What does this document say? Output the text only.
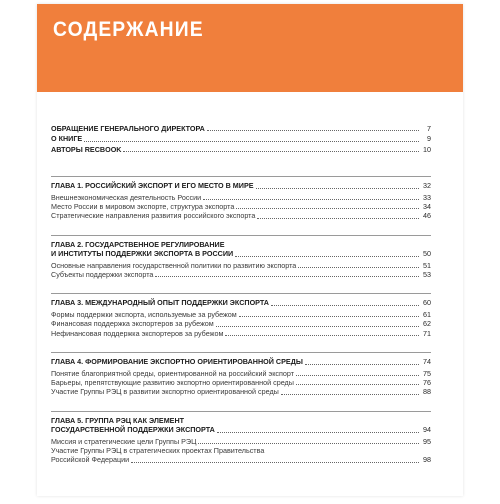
СОДЕРЖАНИЕ
ОБРАЩЕНИЕ ГЕНЕРАЛЬНОГО ДИРЕКТОРА	7
О КНИГЕ	9
АВТОРЫ RECBOOK	10
ГЛАВА 1. РОССИЙСКИЙ ЭКСПОРТ И ЕГО МЕСТО В МИРЕ	32
Внешнеэкономическая деятельность России	33
Место России в мировом экспорте, структура экспорта	34
Стратегические направления развития российского экспорта	46
ГЛАВА 2. ГОСУДАРСТВЕННОЕ РЕГУЛИРОВАНИЕ
И ИНСТИТУТЫ ПОДДЕРЖКИ ЭКСПОРТА В РОССИИ	50
Основные направления государственной политики по развитию экспорта	51
Субъекты поддержки экспорта	53
ГЛАВА 3. МЕЖДУНАРОДНЫЙ ОПЫТ ПОДДЕРЖКИ ЭКСПОРТА	60
Формы поддержки экспорта, используемые за рубежом	61
Финансовая поддержка экспортеров за рубежом	62
Нефинансовая поддержка экспортеров за рубежом	71
ГЛАВА 4. ФОРМИРОВАНИЕ ЭКСПОРТНО ОРИЕНТИРОВАННОЙ СРЕДЫ	74
Понятие благоприятной среды, ориентированной на российский экспорт	75
Барьеры, препятствующие развитию экспортно ориентированной среды	76
Участие Группы РЭЦ в развитии экспортно ориентированной среды	88
ГЛАВА 5. ГРУППА РЭЦ КАК ЭЛЕМЕНТ
ГОСУДАРСТВЕННОЙ ПОДДЕРЖКИ ЭКСПОРТА	94
Миссия и стратегические цели Группы РЭЦ	95
Участие Группы РЭЦ в стратегических проектах Правительства
Российской Федерации	98
